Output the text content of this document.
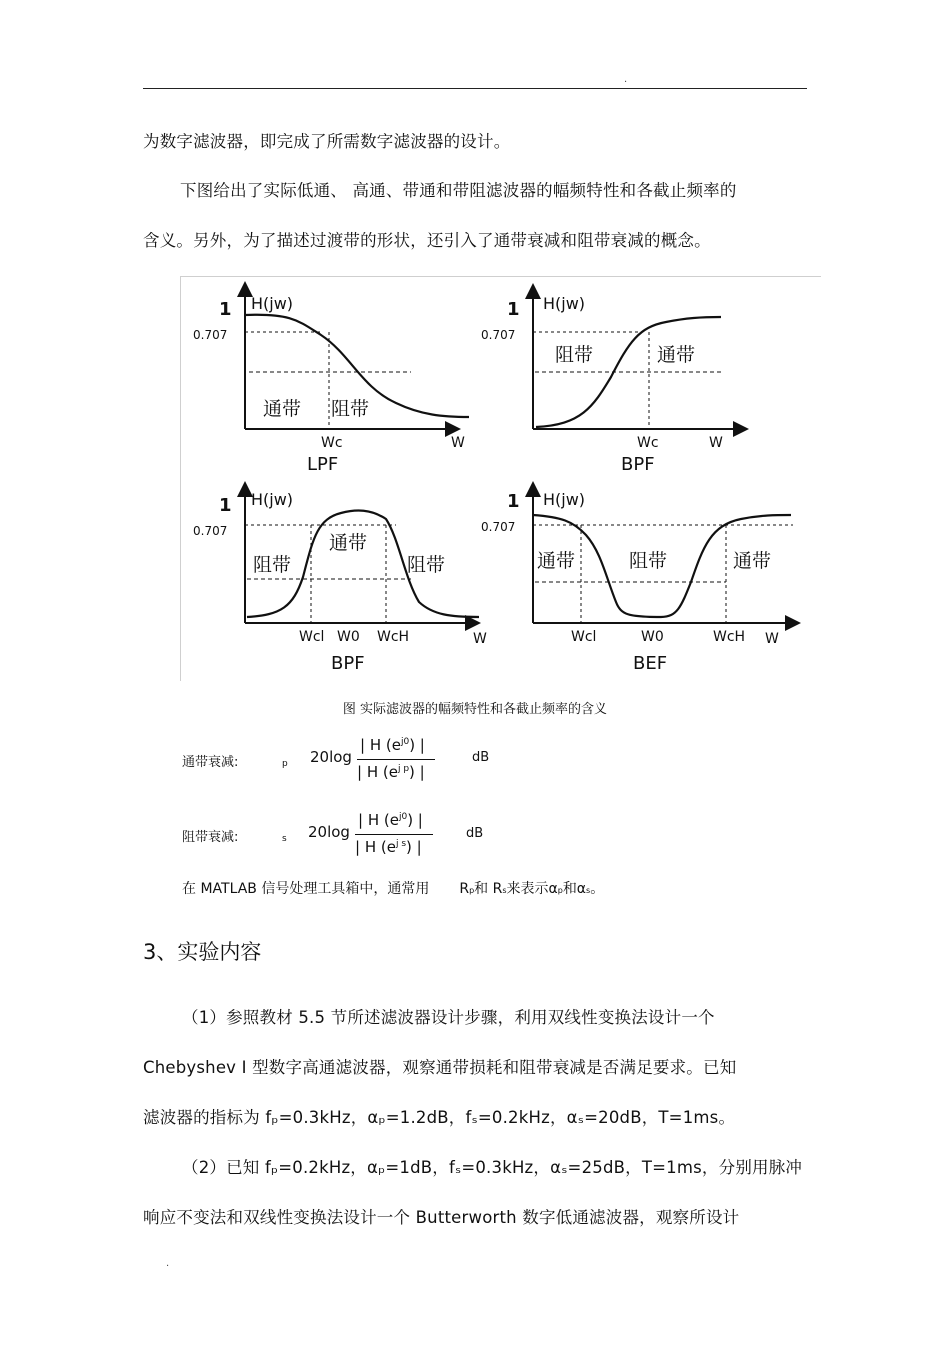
.
为数字滤波器，即完成了所需数字滤波器的设计。
下图给出了实际低通、 高通、带通和带阻滤波器的幅频特性和各截止频率的
含义。另外，为了描述过渡带的形状，还引入了通带衰减和阻带衰减的概念。
1 H(jw)
0.707
通带 阻带
Wc	W
LPF
1 H(jw)
0.707
阻带	通带
Wc	W
BPF
1 H(jw)
0.707
阻带
通带
阻带
Wcl W0 WcH	W
BPF
1 H(jw)
0.707
通带	阻带	通带
Wcl	W0	WcH W
BEF
图 实际滤波器的幅频特性和各截止频率的含义
通带衰减:	p 20log
| H $(e^{j0})$ |
| H $(e^{j p})$ |
dB
阻带衰减:	s 20log
| H $(e^{j0})$ |
| H $(e^{j s})$ |
dB
在 MATLAB 信号处理工具箱中，通常用 Rp和 Rs来表示αp和αs。
3、实验内容
（1）参照教材 5.5 节所述滤波器设计步骤，利用双线性变换法设计一个
Chebyshev I 型数字高通滤波器，观察通带损耗和阻带衰减是否满足要求。已知
滤波器的指标为 fₚ=0.3kHz，αₚ=1.2dB，fₛ=0.2kHz，αₛ=20dB，T=1ms。
（2）已知 fₚ=0.2kHz，αₚ=1dB，fₛ=0.3kHz，αₛ=25dB，T=1ms，分别用脉冲
响应不变法和双线性变换法设计一个 Butterworth 数字低通滤波器，观察所设计
.
